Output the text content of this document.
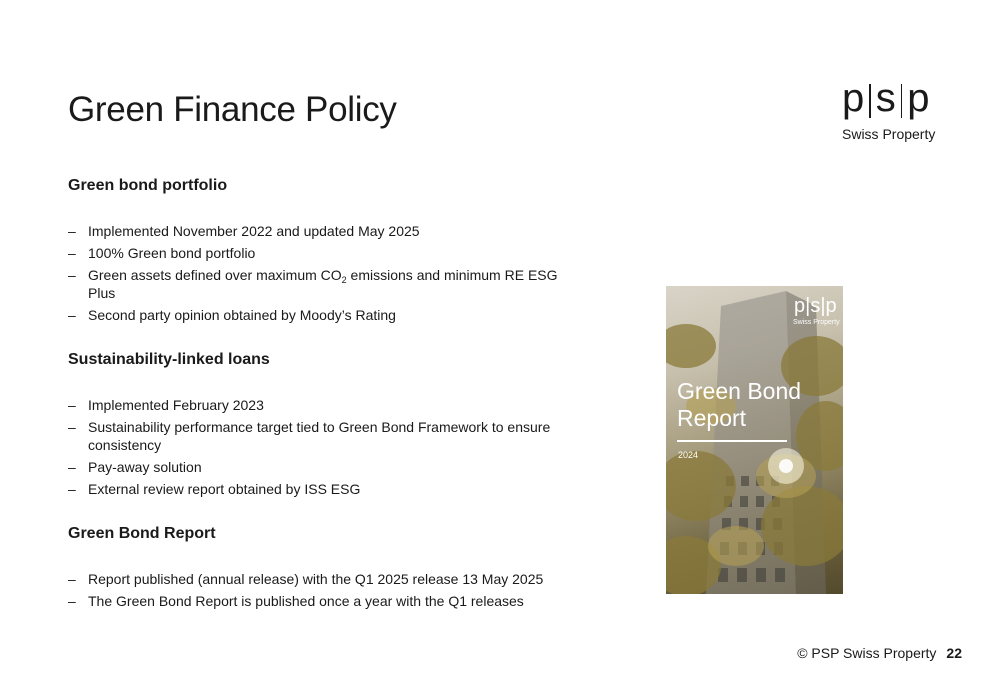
Green Finance Policy	p s p
Swiss Property
Green bond portfolio
– Implemented November 2022 and updated May 2025
– 100% Green bond portfolio
– Green assets defined over maximum $CO_2$ emissions and minimum RE ESG Plus
– Second party opinion obtained by Moody’s Rating
Sustainability-linked loans
– Implemented February 2023
– Sustainability performance target tied to Green Bond Framework to ensure consistency
– Pay-away solution
– External review report obtained by ISS ESG
Green Bond Report
– Report published (annual release) with the Q1 2025 release 13 May 2025
– The Green Bond Report is published once a year with the Q1 releases
p|s|p
Swiss Property
Green Bond
Report
2024
© PSP Swiss Property 22
